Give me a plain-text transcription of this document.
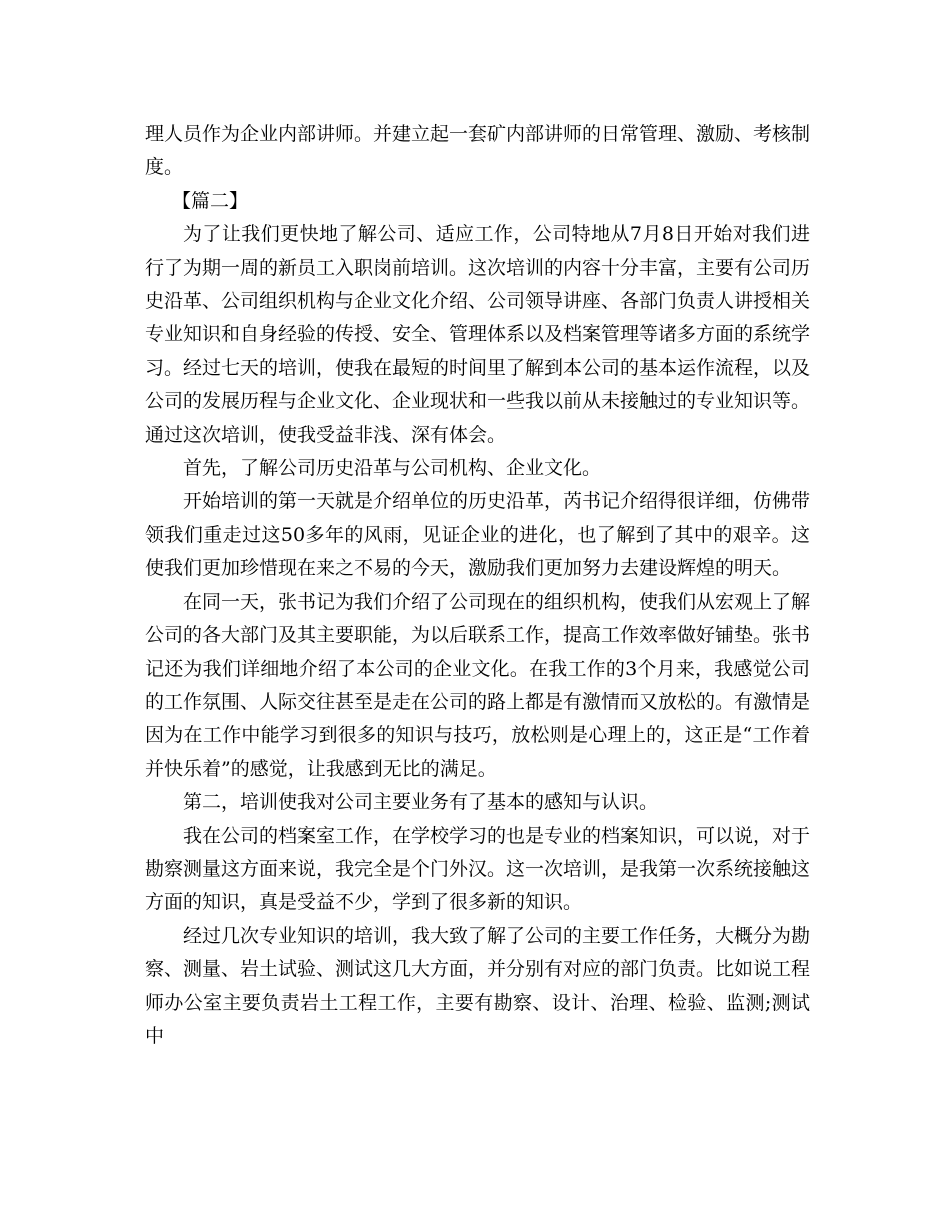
理人员作为企业内部讲师。并建立起一套矿内部讲师的日常管理、激励、考核制度。

【篇二】

为了让我们更快地了解公司、适应工作，公司特地从7月8日开始对我们进行了为期一周的新员工入职岗前培训。这次培训的内容十分丰富，主要有公司历史沿革、公司组织机构与企业文化介绍、公司领导讲座、各部门负责人讲授相关专业知识和自身经验的传授、安全、管理体系以及档案管理等诸多方面的系统学习。经过七天的培训，使我在最短的时间里了解到本公司的基本运作流程，以及公司的发展历程与企业文化、企业现状和一些我以前从未接触过的专业知识等。通过这次培训，使我受益非浅、深有体会。

首先，了解公司历史沿革与公司机构、企业文化。

开始培训的第一天就是介绍单位的历史沿革，芮书记介绍得很详细，仿佛带领我们重走过这50多年的风雨，见证企业的进化，也了解到了其中的艰辛。这使我们更加珍惜现在来之不易的今天，激励我们更加努力去建设辉煌的明天。

在同一天，张书记为我们介绍了公司现在的组织机构，使我们从宏观上了解公司的各大部门及其主要职能，为以后联系工作，提高工作效率做好铺垫。张书记还为我们详细地介绍了本公司的企业文化。在我工作的3个月来，我感觉公司的工作氛围、人际交往甚至是走在公司的路上都是有激情而又放松的。有激情是因为在工作中能学习到很多的知识与技巧，放松则是心理上的，这正是“工作着并快乐着”的感觉，让我感到无比的满足。

第二，培训使我对公司主要业务有了基本的感知与认识。

我在公司的档案室工作，在学校学习的也是专业的档案知识，可以说，对于勘察测量这方面来说，我完全是个门外汉。这一次培训，是我第一次系统接触这方面的知识，真是受益不少，学到了很多新的知识。

经过几次专业知识的培训，我大致了解了公司的主要工作任务，大概分为勘察、测量、岩土试验、测试这几大方面，并分别有对应的部门负责。比如说工程师办公室主要负责岩土工程工作，主要有勘察、设计、治理、检验、监测;测试中
